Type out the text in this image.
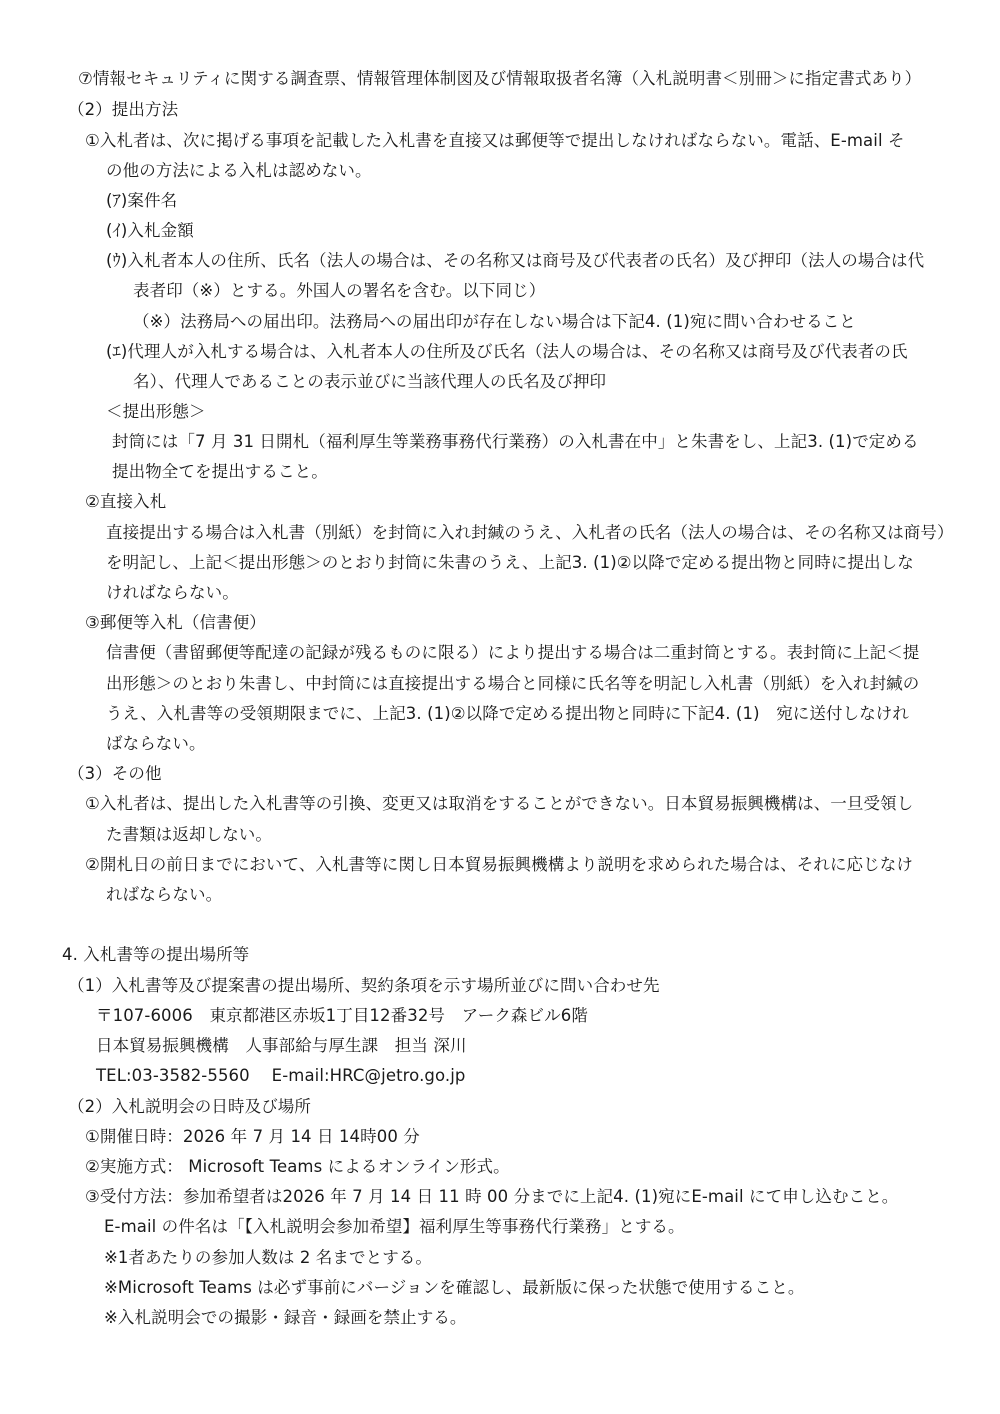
⑦情報セキュリティに関する調査票、情報管理体制図及び情報取扱者名簿（入札説明書＜別冊＞に指定書式あり）
（2）提出方法
①入札者は、次に掲げる事項を記載した入札書を直接又は郵便等で提出しなければならない。電話、E-mail そ
の他の方法による入札は認めない。
(ｱ)案件名
(ｲ)入札金額
(ｳ)入札者本人の住所、氏名（法人の場合は、その名称又は商号及び代表者の氏名）及び押印（法人の場合は代
表者印（※）とする。外国人の署名を含む。以下同じ）
（※）法務局への届出印。法務局への届出印が存在しない場合は下記4. (1)宛に問い合わせること
(ｴ)代理人が入札する場合は、入札者本人の住所及び氏名（法人の場合は、その名称又は商号及び代表者の氏
名）、代理人であることの表示並びに当該代理人の氏名及び押印
＜提出形態＞
封筒には「7 月 31 日開札（福利厚生等業務事務代行業務）の入札書在中」と朱書をし、上記3. (1)で定める
提出物全てを提出すること。
②直接入札
直接提出する場合は入札書（別紙）を封筒に入れ封緘のうえ、入札者の氏名（法人の場合は、その名称又は商号）
を明記し、上記＜提出形態＞のとおり封筒に朱書のうえ、上記3. (1)②以降で定める提出物と同時に提出しな
ければならない。
③郵便等入札（信書便）
信書便（書留郵便等配達の記録が残るものに限る）により提出する場合は二重封筒とする。表封筒に上記＜提
出形態＞のとおり朱書し、中封筒には直接提出する場合と同様に氏名等を明記し入札書（別紙）を入れ封緘の
うえ、入札書等の受領期限までに、上記3. (1)②以降で定める提出物と同時に下記4. (1)　宛に送付しなけれ
ばならない。
（3）その他
①入札者は、提出した入札書等の引換、変更又は取消をすることができない。日本貿易振興機構は、一旦受領し
た書類は返却しない。
②開札日の前日までにおいて、入札書等に関し日本貿易振興機構より説明を求められた場合は、それに応じなけ
ればならない。
4. 入札書等の提出場所等
（1）入札書等及び提案書の提出場所、契約条項を示す場所並びに問い合わせ先
〒107-6006　東京都港区赤坂1丁目12番32号　アーク森ビル6階
日本貿易振興機構　人事部給与厚生課　担当 深川
TEL:03-3582-5560　 E-mail:HRC@jetro.go.jp
（2）入札説明会の日時及び場所
①開催日時：2026 年 7 月 14 日 14時00 分
②実施方式： Microsoft Teams によるオンライン形式。
③受付方法：参加希望者は2026 年 7 月 14 日 11 時 00 分までに上記4. (1)宛にE-mail にて申し込むこと。
E-mail の件名は「【入札説明会参加希望】福利厚生等事務代行業務」とする。
※1者あたりの参加人数は 2 名までとする。
※Microsoft Teams は必ず事前にバージョンを確認し、最新版に保った状態で使用すること。
※入札説明会での撮影・録音・録画を禁止する。
